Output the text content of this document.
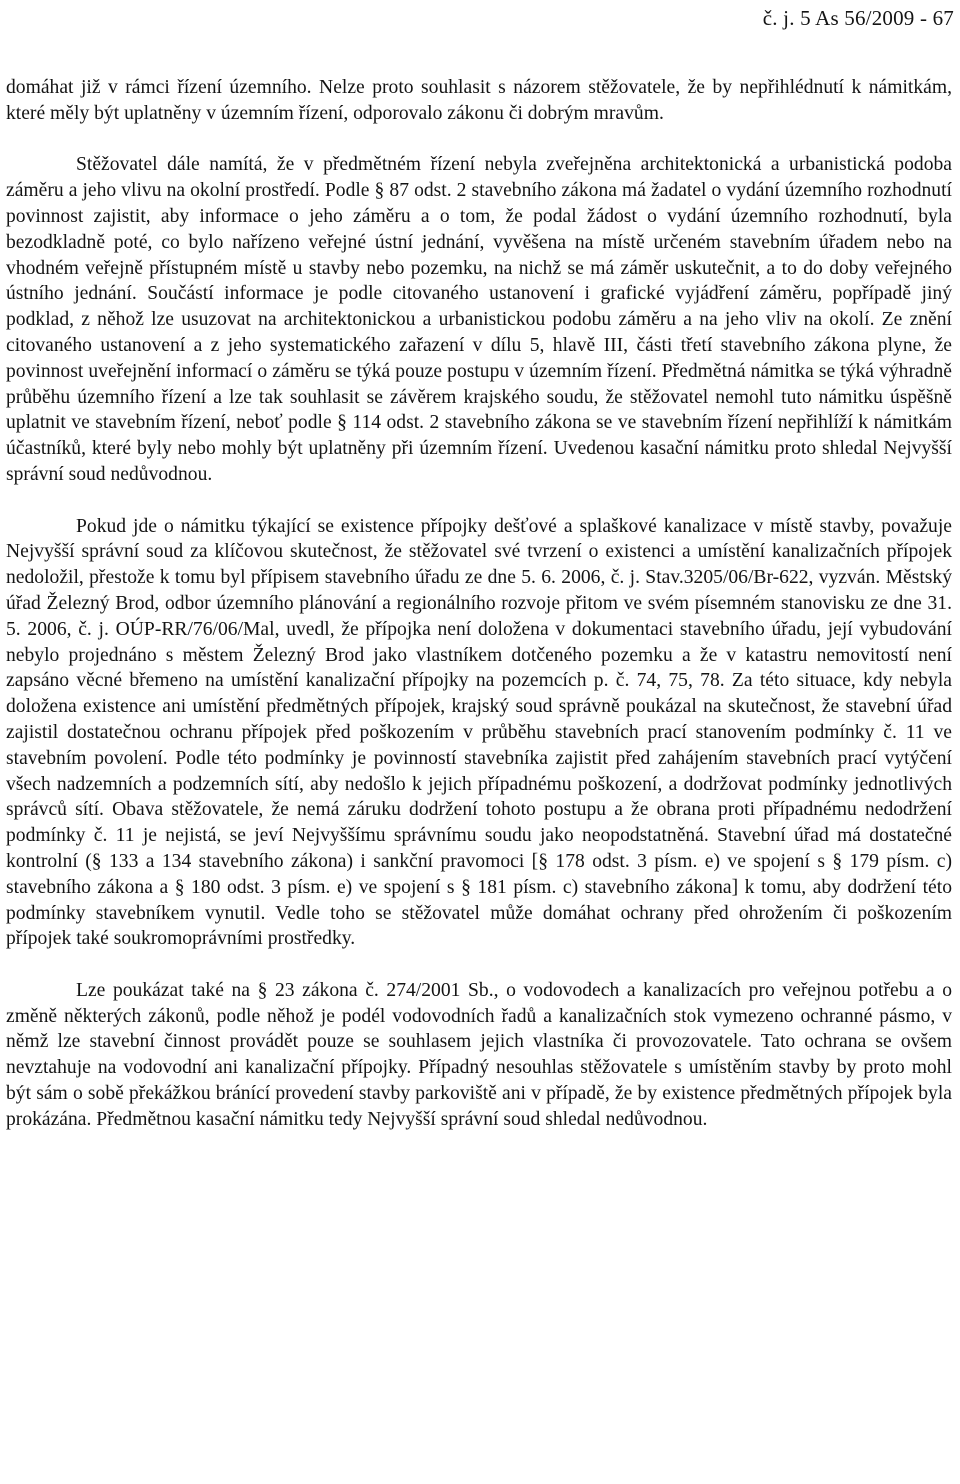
č. j. 5 As 56/2009 - 67

domáhat již v rámci řízení územního. Nelze proto souhlasit s názorem stěžovatele, že by nepřihlédnutí k námitkám, které měly být uplatněny v územním řízení, odporovalo zákonu či dobrým mravům.

Stěžovatel dále namítá, že v předmětném řízení nebyla zveřejněna architektonická a urbanistická podoba záměru a jeho vlivu na okolní prostředí. Podle § 87 odst. 2 stavebního zákona má žadatel o vydání územního rozhodnutí povinnost zajistit, aby informace o jeho záměru a o tom, že podal žádost o vydání územního rozhodnutí, byla bezodkladně poté, co bylo nařízeno veřejné ústní jednání, vyvěšena na místě určeném stavebním úřadem nebo na vhodném veřejně přístupném místě u stavby nebo pozemku, na nichž se má záměr uskutečnit, a to do doby veřejného ústního jednání. Součástí informace je podle citovaného ustanovení i grafické vyjádření záměru, popřípadě jiný podklad, z něhož lze usuzovat na architektonickou a urbanistickou podobu záměru a na jeho vliv na okolí. Ze znění citovaného ustanovení a z jeho systematického zařazení v dílu 5, hlavě III, části třetí stavebního zákona plyne, že povinnost uveřejnění informací o záměru se týká pouze postupu v územním řízení. Předmětná námitka se týká výhradně průběhu územního řízení a lze tak souhlasit se závěrem krajského soudu, že stěžovatel nemohl tuto námitku úspěšně uplatnit ve stavebním řízení, neboť podle § 114 odst. 2 stavebního zákona se ve stavebním řízení nepřihlíží k námitkám účastníků, které byly nebo mohly být uplatněny při územním řízení. Uvedenou kasační námitku proto shledal Nejvyšší správní soud nedůvodnou.

Pokud jde o námitku týkající se existence přípojky dešťové a splaškové kanalizace v místě stavby, považuje Nejvyšší správní soud za klíčovou skutečnost, že stěžovatel své tvrzení o existenci a umístění kanalizačních přípojek nedoložil, přestože k tomu byl přípisem stavebního úřadu ze dne 5. 6. 2006, č. j. Stav.3205/06/Br-622, vyzván. Městský úřad Železný Brod, odbor územního plánování a regionálního rozvoje přitom ve svém písemném stanovisku ze dne 31. 5. 2006, č. j. OÚP-RR/76/06/Mal, uvedl, že přípojka není doložena v dokumentaci stavebního úřadu, její vybudování nebylo projednáno s městem Železný Brod jako vlastníkem dotčeného pozemku a že v katastru nemovitostí není zapsáno věcné břemeno na umístění kanalizační přípojky na pozemcích p. č. 74, 75, 78. Za této situace, kdy nebyla doložena existence ani umístění předmětných přípojek, krajský soud správně poukázal na skutečnost, že stavební úřad zajistil dostatečnou ochranu přípojek před poškozením v průběhu stavebních prací stanovením podmínky č. 11 ve stavebním povolení. Podle této podmínky je povinností stavebníka zajistit před zahájením stavebních prací vytýčení všech nadzemních a podzemních sítí, aby nedošlo k jejich případnému poškození, a dodržovat podmínky jednotlivých správců sítí. Obava stěžovatele, že nemá záruku dodržení tohoto postupu a že obrana proti případnému nedodržení podmínky č. 11 je nejistá, se jeví Nejvyššímu správnímu soudu jako neopodstatněná. Stavební úřad má dostatečné kontrolní (§ 133 a 134 stavebního zákona) i sankční pravomoci [§ 178 odst. 3 písm. e) ve spojení s § 179 písm. c) stavebního zákona a § 180 odst. 3 písm. e) ve spojení s § 181 písm. c) stavebního zákona] k tomu, aby dodržení této podmínky stavebníkem vynutil. Vedle toho se stěžovatel může domáhat ochrany před ohrožením či poškozením přípojek také soukromoprávními prostředky.

Lze poukázat také na § 23 zákona č. 274/2001 Sb., o vodovodech a kanalizacích pro veřejnou potřebu a o změně některých zákonů, podle něhož je podél vodovodních řadů a kanalizačních stok vymezeno ochranné pásmo, v němž lze stavební činnost provádět pouze se souhlasem jejich vlastníka či provozovatele. Tato ochrana se ovšem nevztahuje na vodovodní ani kanalizační přípojky. Případný nesouhlas stěžovatele s umístěním stavby by proto mohl být sám o sobě překážkou bránící provedení stavby parkoviště ani v případě, že by existence předmětných přípojek byla prokázána. Předmětnou kasační námitku tedy Nejvyšší správní soud shledal nedůvodnou.
